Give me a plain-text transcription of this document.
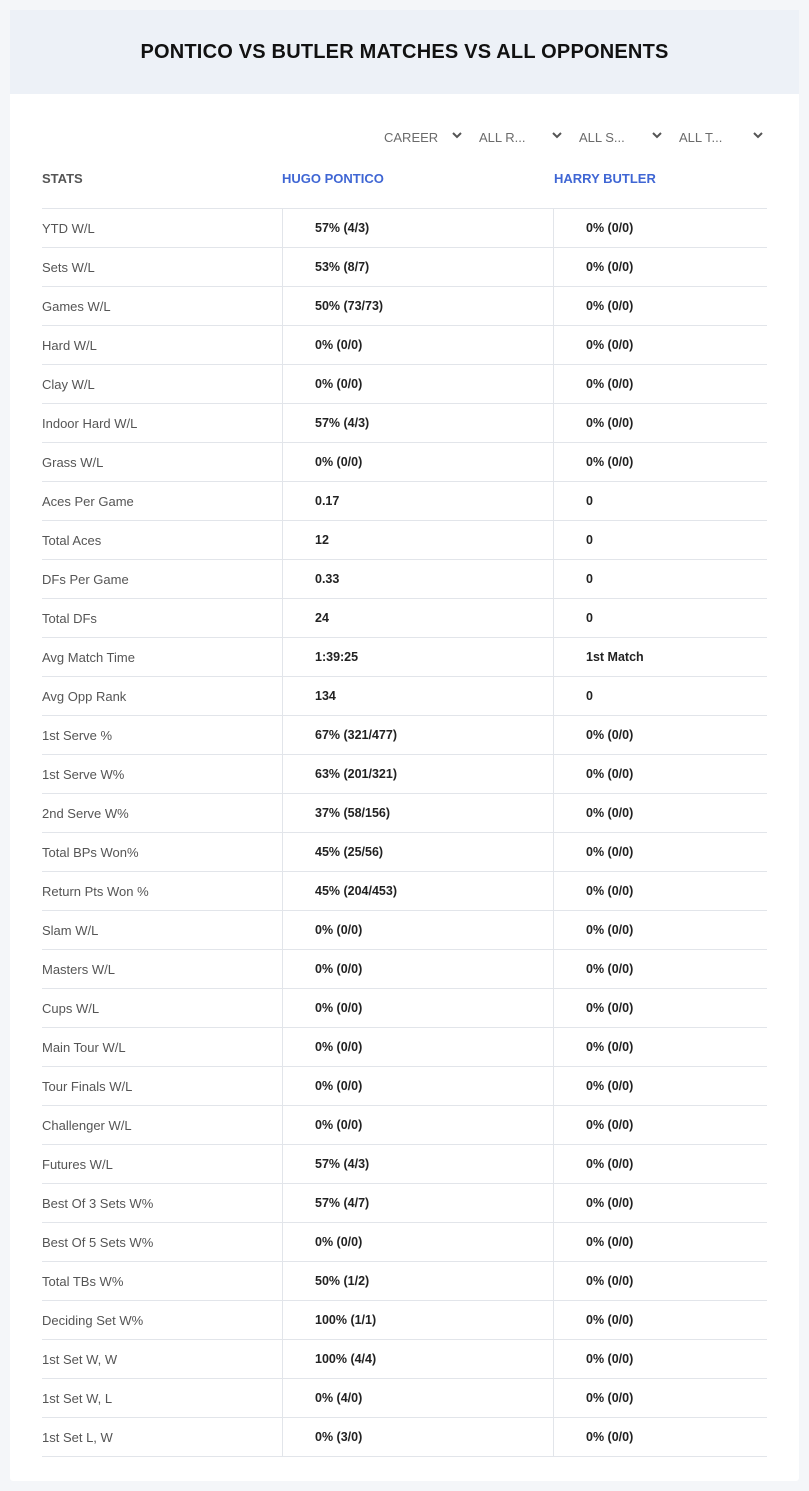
PONTICO VS BUTLER MATCHES VS ALL OPPONENTS
CAREER	ALL R...	ALL S...	ALL T...
STATS	HUGO PONTICO	HARRY BUTLER
YTD W/L	57% (4/3)	0% (0/0)
Sets W/L	53% (8/7)	0% (0/0)
Games W/L	50% (73/73)	0% (0/0)
Hard W/L	0% (0/0)	0% (0/0)
Clay W/L	0% (0/0)	0% (0/0)
Indoor Hard W/L	57% (4/3)	0% (0/0)
Grass W/L	0% (0/0)	0% (0/0)
Aces Per Game	0.17	0
Total Aces	12	0
DFs Per Game	0.33	0
Total DFs	24	0
Avg Match Time	1:39:25	1st Match
Avg Opp Rank	134	0
1st Serve %	67% (321/477)	0% (0/0)
1st Serve W%	63% (201/321)	0% (0/0)
2nd Serve W%	37% (58/156)	0% (0/0)
Total BPs Won%	45% (25/56)	0% (0/0)
Return Pts Won %	45% (204/453)	0% (0/0)
Slam W/L	0% (0/0)	0% (0/0)
Masters W/L	0% (0/0)	0% (0/0)
Cups W/L	0% (0/0)	0% (0/0)
Main Tour W/L	0% (0/0)	0% (0/0)
Tour Finals W/L	0% (0/0)	0% (0/0)
Challenger W/L	0% (0/0)	0% (0/0)
Futures W/L	57% (4/3)	0% (0/0)
Best Of 3 Sets W%	57% (4/7)	0% (0/0)
Best Of 5 Sets W%	0% (0/0)	0% (0/0)
Total TBs W%	50% (1/2)	0% (0/0)
Deciding Set W%	100% (1/1)	0% (0/0)
1st Set W, W	100% (4/4)	0% (0/0)
1st Set W, L	0% (4/0)	0% (0/0)
1st Set L, W	0% (3/0)	0% (0/0)
